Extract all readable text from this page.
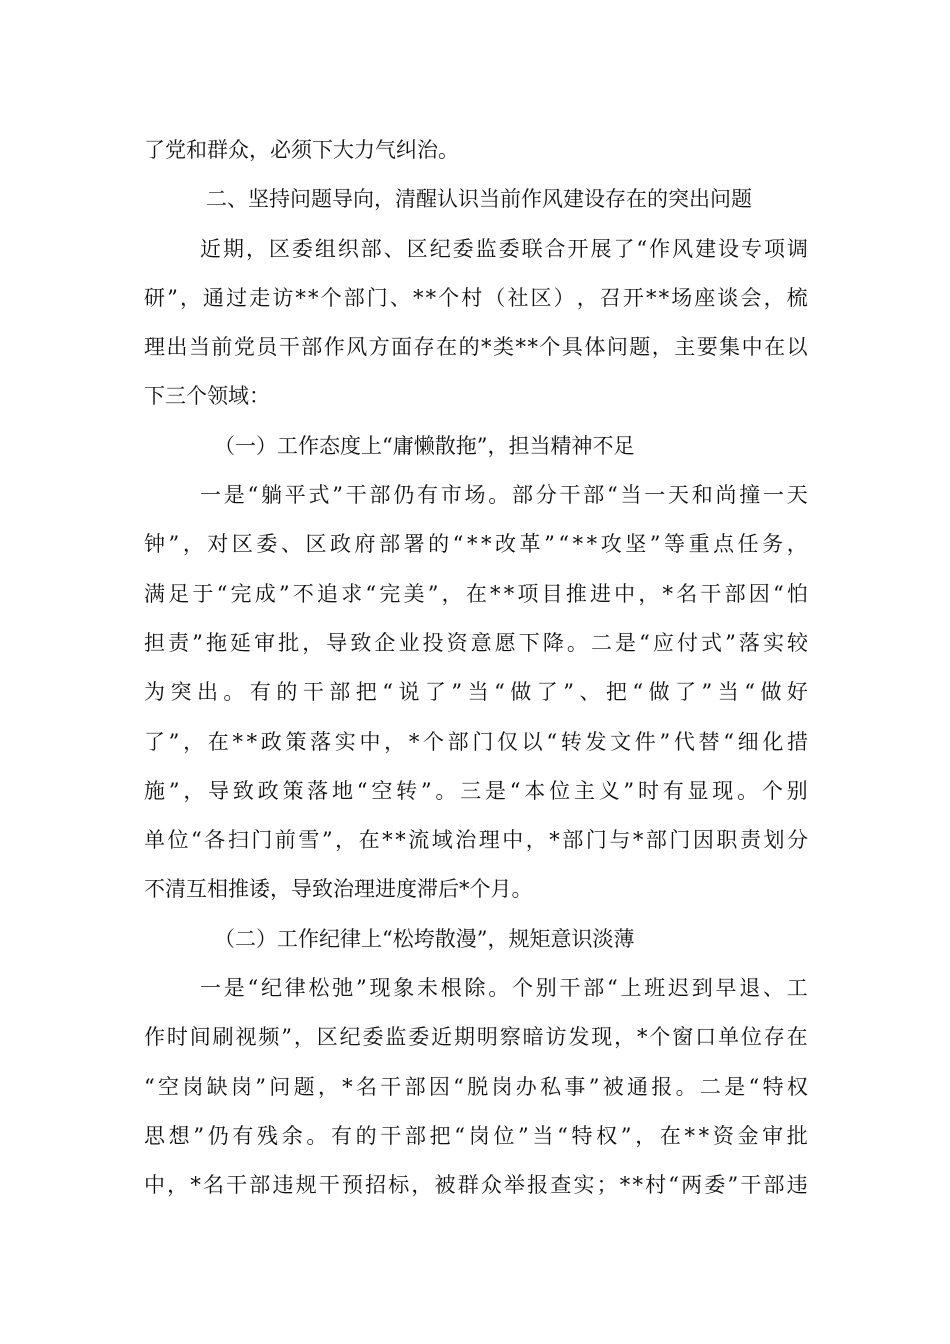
了党和群众，必须下大力气纠治。
二、坚持问题导向，清醒认识当前作风建设存在的突出问题
近 期 ， 区 委 组 织 部 、 区 纪 委 监 委 联 合 开 展 了 “ 作 风 建 设 专 项 调
研 ” ， 通 过 走 访 * * 个 部 门 、 * * 个 村 （ 社 区 ） ， 召 开 * * 场 座 谈 会 ， 梳
理 出 当 前 党 员 干 部 作 风 方 面 存 在 的 * 类 * * 个 具 体 问 题 ， 主 要 集 中 在 以
下三个领域：
（一）工作态度上“庸懒散拖”，担当精神不足
一 是 “ 躺 平 式 ” 干 部 仍 有 市 场 。 部 分 干 部 “ 当 一 天 和 尚 撞 一 天
钟 ” ， 对 区 委 、 区 政 府 部 署 的 “ * * 改 革 ” “ * * 攻 坚 ” 等 重 点 任 务 ，
满 足 于 “ 完 成 ” 不 追 求 “ 完 美 ” ， 在 * * 项 目 推 进 中 ， * 名 干 部 因 “ 怕
担 责 ” 拖 延 审 批 ， 导 致 企 业 投 资 意 愿 下 降 。 二 是 “ 应 付 式 ” 落 实 较
为 突 出 。 有 的 干 部 把 “ 说 了 ” 当 “ 做 了 ” 、 把 “ 做 了 ” 当 “ 做 好
了 ” ， 在 * * 政 策 落 实 中 ， * 个 部 门 仅 以 “ 转 发 文 件 ” 代 替 “ 细 化 措
施 ” ， 导 致 政 策 落 地 “ 空 转 ” 。 三 是 “ 本 位 主 义 ” 时 有 显 现 。 个 别
单 位 “ 各 扫 门 前 雪 ” ， 在 * * 流 域 治 理 中 ， * 部 门 与 * 部 门 因 职 责 划 分
不清互相推诿，导致治理进度滞后*个月。
（二）工作纪律上“松垮散漫”，规矩意识淡薄
一 是 “ 纪 律 松 弛 ” 现 象 未 根 除 。 个 别 干 部 “ 上 班 迟 到 早 退 、 工
作 时 间 刷 视 频 ” ， 区 纪 委 监 委 近 期 明 察 暗 访 发 现 ， * 个 窗 口 单 位 存 在
“ 空 岗 缺 岗 ” 问 题 ， * 名 干 部 因 “ 脱 岗 办 私 事 ” 被 通 报 。 二 是 “ 特 权
思 想 ” 仍 有 残 余 。 有 的 干 部 把 “ 岗 位 ” 当 “ 特 权 ” ， 在 * * 资 金 审 批
中 ， * 名 干 部 违 规 干 预 招 标 ， 被 群 众 举 报 查 实 ； * * 村 “ 两 委 ” 干 部 违
